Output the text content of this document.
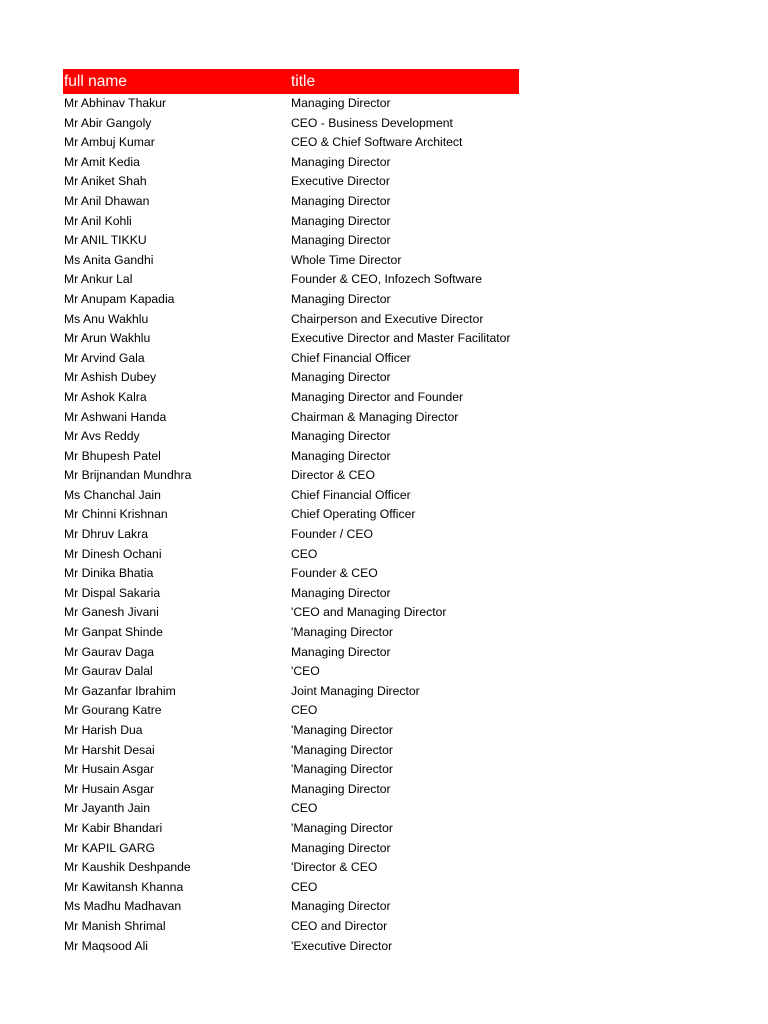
full name	title
Mr Abhinav Thakur	Managing Director
Mr Abir Gangoly	CEO - Business Development
Mr Ambuj Kumar	CEO & Chief Software Architect
Mr Amit Kedia	Managing Director
Mr Aniket Shah	Executive Director
Mr Anil Dhawan	Managing Director
Mr Anil Kohli	Managing Director
Mr ANIL TIKKU	Managing Director
Ms Anita Gandhi	Whole Time Director
Mr Ankur Lal	Founder & CEO, Infozech Software
Mr Anupam Kapadia	Managing Director
Ms Anu Wakhlu	Chairperson and Executive Director
Mr Arun Wakhlu	Executive Director and Master Facilitator
Mr Arvind Gala	Chief Financial Officer
Mr Ashish Dubey	Managing Director
Mr Ashok Kalra	Managing Director and Founder
Mr Ashwani Handa	Chairman & Managing Director
Mr Avs Reddy	Managing Director
Mr Bhupesh Patel	Managing Director
Mr Brijnandan Mundhra	Director & CEO
Ms Chanchal Jain	Chief Financial Officer
Mr Chinni Krishnan	Chief Operating Officer
Mr Dhruv Lakra	Founder / CEO
Mr Dinesh Ochani	CEO
Mr Dinika Bhatia	Founder & CEO
Mr Dispal Sakaria	Managing Director
Mr Ganesh Jivani	'CEO and Managing Director
Mr Ganpat Shinde	'Managing Director
Mr Gaurav Daga	Managing Director
Mr Gaurav Dalal	'CEO
Mr Gazanfar Ibrahim	Joint Managing Director
Mr Gourang Katre	CEO
Mr Harish Dua	'Managing Director
Mr Harshit Desai	'Managing Director
Mr Husain Asgar	'Managing Director
Mr Husain Asgar	Managing Director
Mr Jayanth Jain	CEO
Mr Kabir Bhandari	'Managing Director
Mr KAPIL GARG	Managing Director
Mr Kaushik Deshpande	'Director & CEO
Mr Kawitansh Khanna	CEO
Ms Madhu Madhavan	Managing Director
Mr Manish Shrimal	CEO and Director
Mr Maqsood Ali	'Executive Director
